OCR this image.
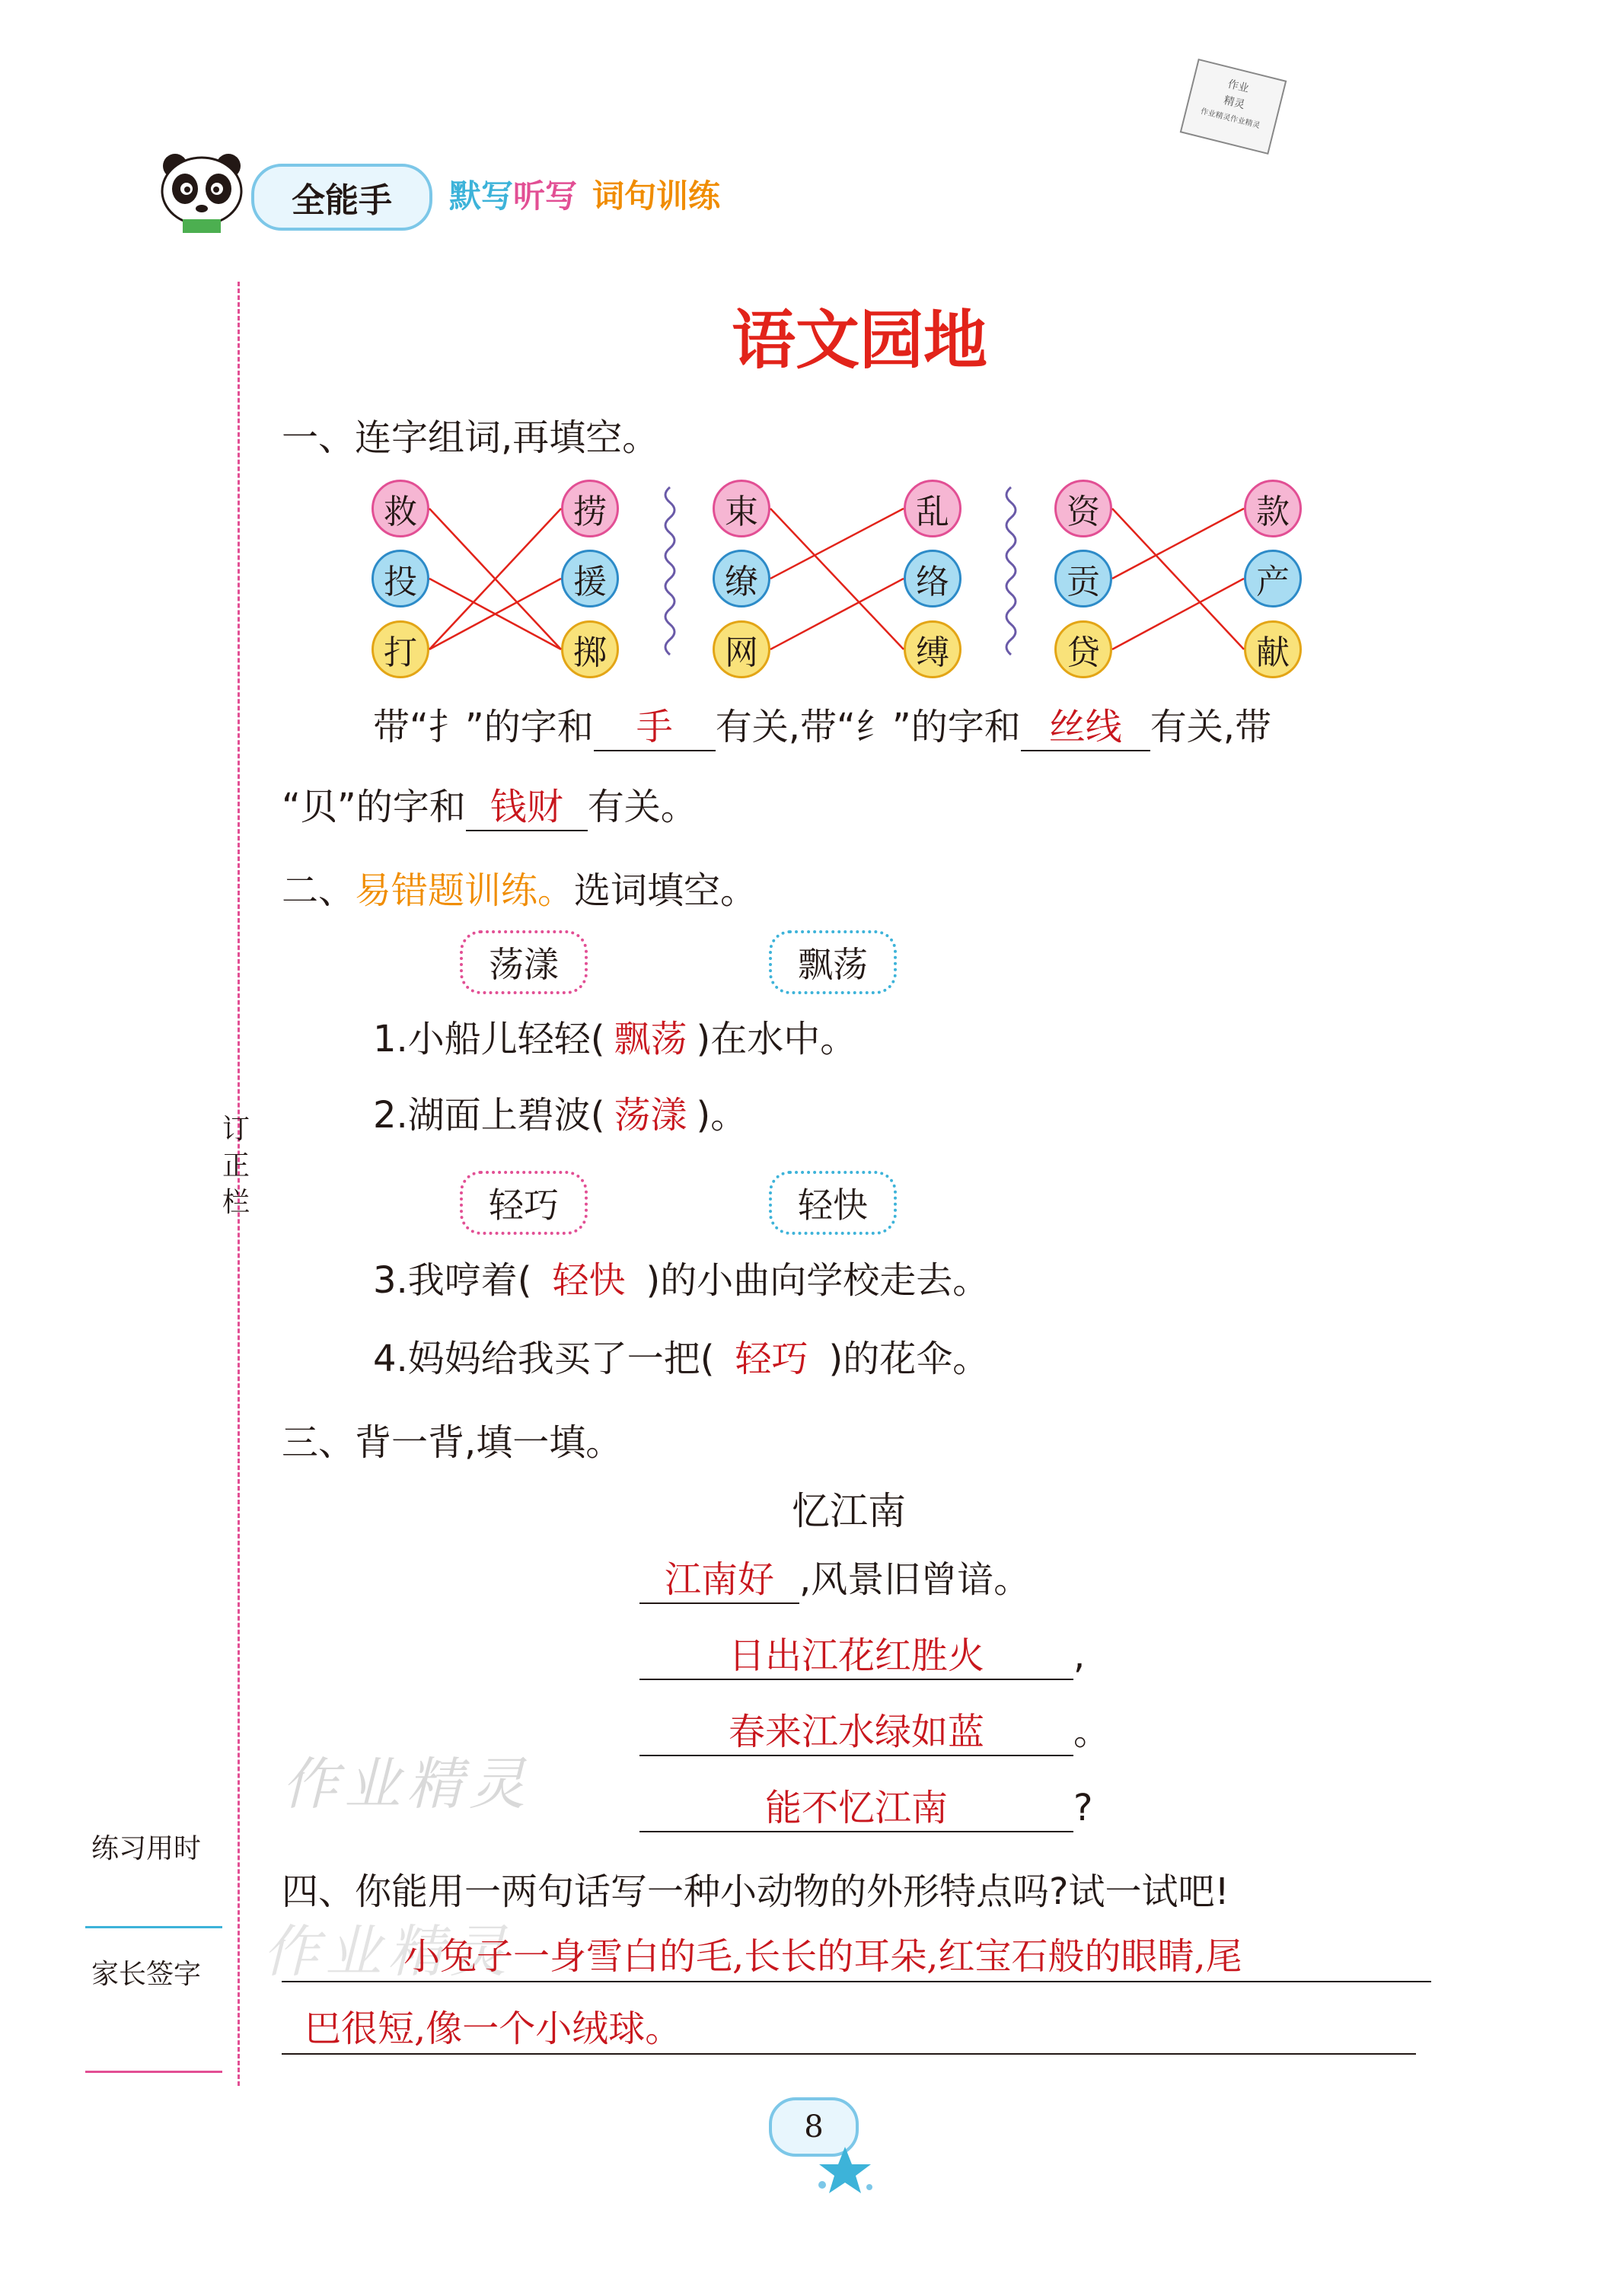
全能手 默写听写 词句训练
作业
精灵
作业精灵作业精灵
订
正
栏
练习用时
家长签字
作业精灵
作业精灵
语文园地
一、连字组词,再填空。
救
投
打
捞
援
掷
束
缭
网
乱
络
缚
资
贡
贷
款
产
献
带“扌”的字和 手 有关,带“纟”的字和 丝线 有关,带
“贝”的字和 钱财 有关。
二、易错题训练。选词填空。
荡漾	飘荡
1.小船儿轻轻( 飘荡 )在水中。
2.湖面上碧波( 荡漾 )。
轻巧	轻快
3.我哼着( 轻快 )的小曲向学校走去。
4.妈妈给我买了一把( 轻巧 )的花伞。
三、背一背,填一填。
忆江南
江南好 ,风景旧曾谙。
日出江花红胜火 ,
春来江水绿如蓝 。
能不忆江南	?
四、你能用一两句话写一种小动物的外形特点吗?试一试吧!
小兔子一身雪白的毛,长长的耳朵,红宝石般的眼睛,尾
巴很短,像一个小绒球。
8
